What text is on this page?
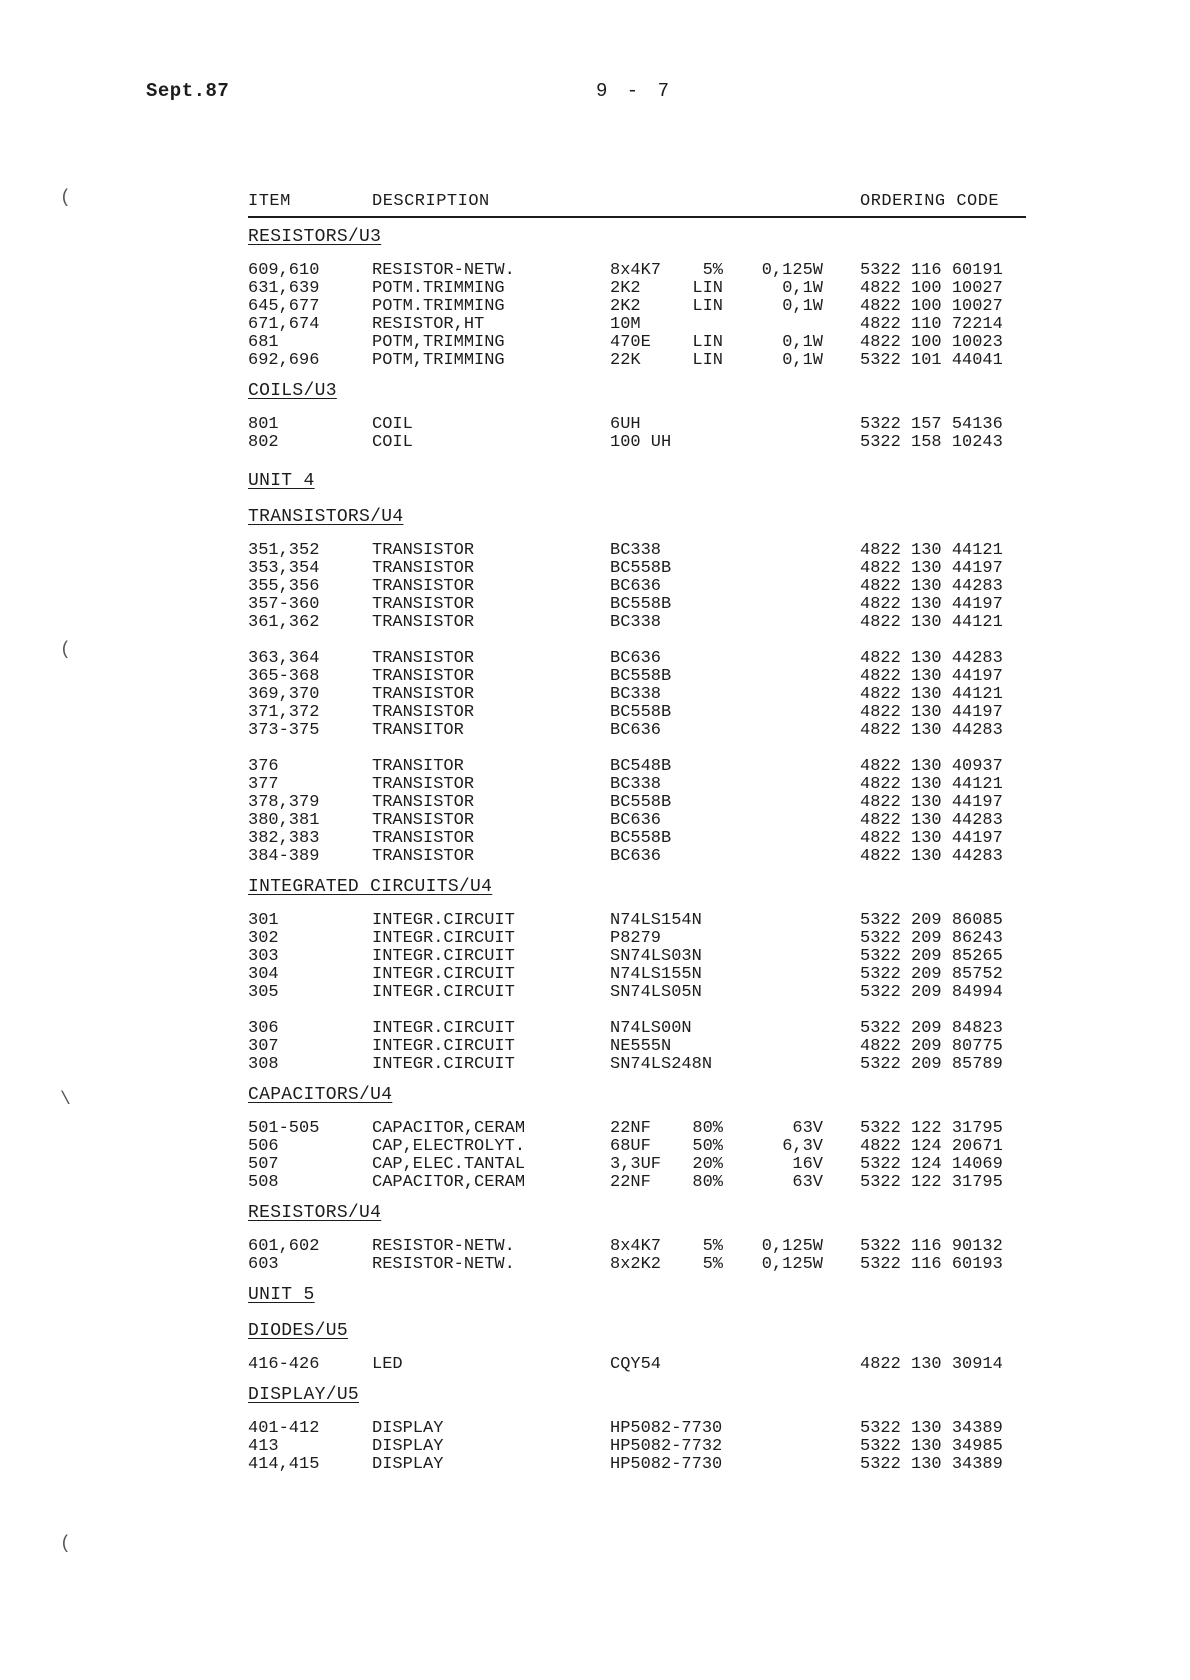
Sept.87	9 - 7
(
(
\
(
ITEM	DESCRIPTION	ORDERING CODE
RESISTORS/U3
609,610	RESISTOR-NETW.	8x4K7	5%	0,125W 5322 116 60191
631,639	POTM.TRIMMING	2K2	LIN	0,1W 4822 100 10027
645,677	POTM.TRIMMING	2K2	LIN	0,1W 4822 100 10027
671,674	RESISTOR,HT	10M	4822 110 72214
681	POTM,TRIMMING	470E	LIN	0,1W 4822 100 10023
692,696	POTM,TRIMMING	22K	LIN	0,1W 5322 101 44041
COILS/U3
801	COIL	6UH	5322 157 54136
802	COIL	100 UH	5322 158 10243
UNIT 4
TRANSISTORS/U4
351,352	TRANSISTOR	BC338	4822 130 44121
353,354	TRANSISTOR	BC558B	4822 130 44197
355,356	TRANSISTOR	BC636	4822 130 44283
357-360	TRANSISTOR	BC558B	4822 130 44197
361,362	TRANSISTOR	BC338	4822 130 44121
363,364	TRANSISTOR	BC636	4822 130 44283
365-368	TRANSISTOR	BC558B	4822 130 44197
369,370	TRANSISTOR	BC338	4822 130 44121
371,372	TRANSISTOR	BC558B	4822 130 44197
373-375	TRANSITOR	BC636	4822 130 44283
376	TRANSITOR	BC548B	4822 130 40937
377	TRANSISTOR	BC338	4822 130 44121
378,379	TRANSISTOR	BC558B	4822 130 44197
380,381	TRANSISTOR	BC636	4822 130 44283
382,383	TRANSISTOR	BC558B	4822 130 44197
384-389	TRANSISTOR	BC636	4822 130 44283
INTEGRATED CIRCUITS/U4
301	INTEGR.CIRCUIT	N74LS154N	5322 209 86085
302	INTEGR.CIRCUIT	P8279	5322 209 86243
303	INTEGR.CIRCUIT	SN74LS03N	5322 209 85265
304	INTEGR.CIRCUIT	N74LS155N	5322 209 85752
305	INTEGR.CIRCUIT	SN74LS05N	5322 209 84994
306	INTEGR.CIRCUIT	N74LS00N	5322 209 84823
307	INTEGR.CIRCUIT	NE555N	4822 209 80775
308	INTEGR.CIRCUIT	SN74LS248N	5322 209 85789
CAPACITORS/U4
501-505	CAPACITOR,CERAM	22NF	80%	63V 5322 122 31795
506	CAP,ELECTROLYT.	68UF	50%	6,3V 4822 124 20671
507	CAP,ELEC.TANTAL	3,3UF	20%	16V 5322 124 14069
508	CAPACITOR,CERAM	22NF	80%	63V 5322 122 31795
RESISTORS/U4
601,602	RESISTOR-NETW.	8x4K7	5%	0,125W 5322 116 90132
603	RESISTOR-NETW.	8x2K2	5%	0,125W 5322 116 60193
UNIT 5
DIODES/U5
416-426	LED	CQY54	4822 130 30914
DISPLAY/U5
401-412	DISPLAY	HP5082-7730	5322 130 34389
413	DISPLAY	HP5082-7732	5322 130 34985
414,415	DISPLAY	HP5082-7730	5322 130 34389
